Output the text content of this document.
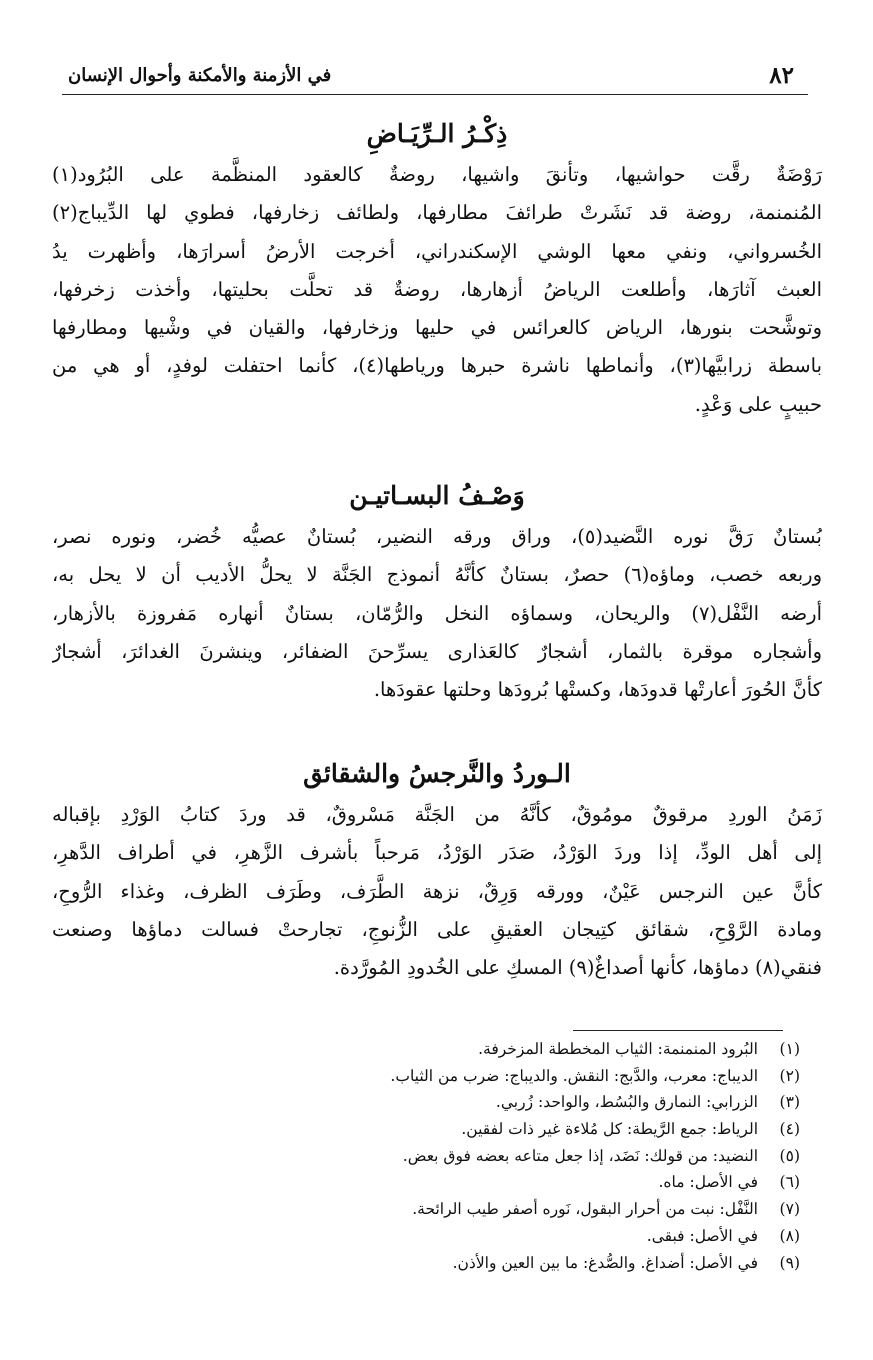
٨٢
في الأزمنة والأمكنة وأحوال الإنسان
ذِكْـرُ الـرِّيَـاضِ
رَوْضَةٌ رقَّت حواشيها، وتأنقَ واشيها، روضةٌ كالعقود المنظَّمة على البُرُود(١)
المُنمنمة، روضة قد نَشَرتْ طرائفَ مطارفها، ولطائف زخارفها، فطوي لها الدِّيباج(٢)
الخُسرواني، ونفي معها الوشي الإسكندراني، أخرجت الأرضُ أسرارَها، وأظهرت يدُ
العبث آثارَها، وأطلعت الرياضُ أزهارها، روضةٌ قد تحلَّت بحليتها، وأخذت زخرفها،
وتوشَّحت بنورها، الرياض كالعرائس في حليها وزخارفها، والقيان في وشْيها ومطارفها
باسطة زرابيَّها(٣)، وأنماطها ناشرة حبرها ورياطها(٤)، كأنما احتفلت لوفدٍ، أو هي من
حبيبٍ على وَعْدٍ.
وَصْـفُ البسـاتيـن
بُستانٌ رَقَّ نوره النَّضيد(٥)، وراق ورقه النضير، بُستانٌ عصيُّه خُضر، ونوره نصر،
وربعه خصب، وماؤه(٦) حصرٌ، بستانٌ كأنَّهُ أنموذج الجَنَّة لا يحلُّ الأديب أن لا يحل به،
أرضه النَّفْل(٧) والريحان، وسماؤه النخل والرُّمّان، بستانٌ أنهاره مَفروزة بالأزهار،
وأشجاره موقرة بالثمار، أشجارٌ كالعَذارى يسرِّحنَ الضفائر، وينشرنَ الغدائرَ، أشجارٌ
كأنَّ الحُورَ أعارتْها قدودَها، وكستْها بُرودَها وحلتها عقودَها.
الـوردُ والنَّرجسُ والشقائق
زَمَنُ الوردِ مرقوقٌ مومُوقٌ، كأنَّهُ من الجَنَّة مَسْروقٌ، قد وردَ كتابُ الوَرْدِ بإقباله
إلى أهل الودِّ، إذا وردَ الوَرْدُ، صَدَر الوَرْدُ، مَرحباً بأشرف الزَّهرِ، في أطراف الدَّهرِ،
كأنَّ عين النرجس عَيْنٌ، وورقه وَرِقٌ، نزهة الطَّرَف، وطَرَف الظرف، وغذاء الرُّوحِ،
ومادة الرَّوْحِ، شقائق كتِيجان العقيقِ على الزُّنوجِ، تجارحتْ فسالت دماؤها وصنعت
فنقي(٨) دماؤها، كأنها أصداغٌ(٩) المسكِ على الخُدودِ المُورَّدة.
(١)البُرود المنمنمة: الثياب المخططة المزخرفة.
(٢)الديباج: معرب، والدَّبج: النقش. والديباج: ضرب من الثياب.
(٣)الزرابي: النمارق والبُسُط، والواحد: زُربي.
(٤)الرياط: جمع الرَّيطة: كل مُلاءة غير ذات لفقين.
(٥)النضيد: من قولك: نَضَد، إذا جعل متاعه بعضه فوق بعض.
(٦)في الأصل: ماه.
(٧)النَّفْل: نبت من أحرار البقول، نَوره أصفر طيب الرائحة.
(٨)في الأصل: فبقى.
(٩)في الأصل: أضداغ. والصُّدغ: ما بين العين والأذن.
